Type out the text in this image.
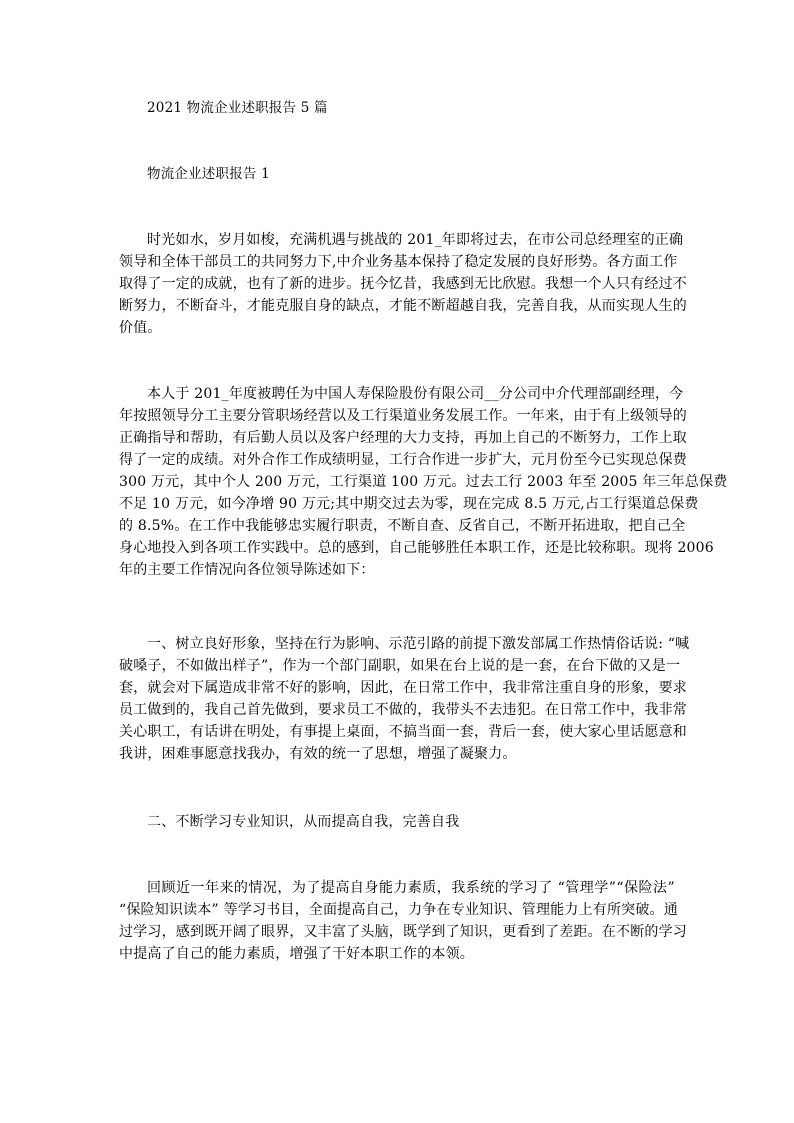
2021 物流企业述职报告 5 篇

物流企业述职报告 1

时光如水，岁月如梭，充满机遇与挑战的 201_年即将过去，在市公司总经理室的正确

领导和全体干部员工的共同努力下,中介业务基本保持了稳定发展的良好形势。各方面工作

取得了一定的成就，也有了新的进步。抚今忆昔，我感到无比欣慰。我想一个人只有经过不

断努力，不断奋斗，才能克服自身的缺点，才能不断超越自我，完善自我，从而实现人生的

价值。

本人于 201_年度被聘任为中国人寿保险股份有限公司__分公司中介代理部副经理，今

年按照领导分工主要分管职场经营以及工行渠道业务发展工作。一年来，由于有上级领导的

正确指导和帮助，有后勤人员以及客户经理的大力支持，再加上自己的不断努力，工作上取

得了一定的成绩。对外合作工作成绩明显，工行合作进一步扩大，元月份至今已实现总保费

300 万元，其中个人 200 万元，工行渠道 100 万元。过去工行 2003 年至 2005 年三年总保费

不足 10 万元，如今净增 90 万元;其中期交过去为零，现在完成 8.5 万元,占工行渠道总保费

的 8.5%。在工作中我能够忠实履行职责，不断自查、反省自己，不断开拓进取，把自己全

身心地投入到各项工作实践中。总的感到，自己能够胜任本职工作，还是比较称职。现将 2006

年的主要工作情况向各位领导陈述如下：

一、树立良好形象，坚持在行为影响、示范引路的前提下激发部属工作热情俗话说: “喊

破嗓子，不如做出样子”，作为一个部门副职，如果在台上说的是一套，在台下做的又是一

套，就会对下属造成非常不好的影响，因此，在日常工作中，我非常注重自身的形象，要求

员工做到的，我自己首先做到，要求员工不做的，我带头不去违犯。在日常工作中，我非常

关心职工，有话讲在明处，有事提上桌面，不搞当面一套，背后一套，使大家心里话愿意和

我讲，困难事愿意找我办，有效的统一了思想，增强了凝聚力。

二、不断学习专业知识，从而提高自我，完善自我

回顾近一年来的情况，为了提高自身能力素质，我系统的学习了 “管理学”“保险法”

“保险知识读本” 等学习书目，全面提高自己，力争在专业知识、管理能力上有所突破。通

过学习，感到既开阔了眼界，又丰富了头脑，既学到了知识，更看到了差距。在不断的学习

中提高了自己的能力素质，增强了干好本职工作的本领。
